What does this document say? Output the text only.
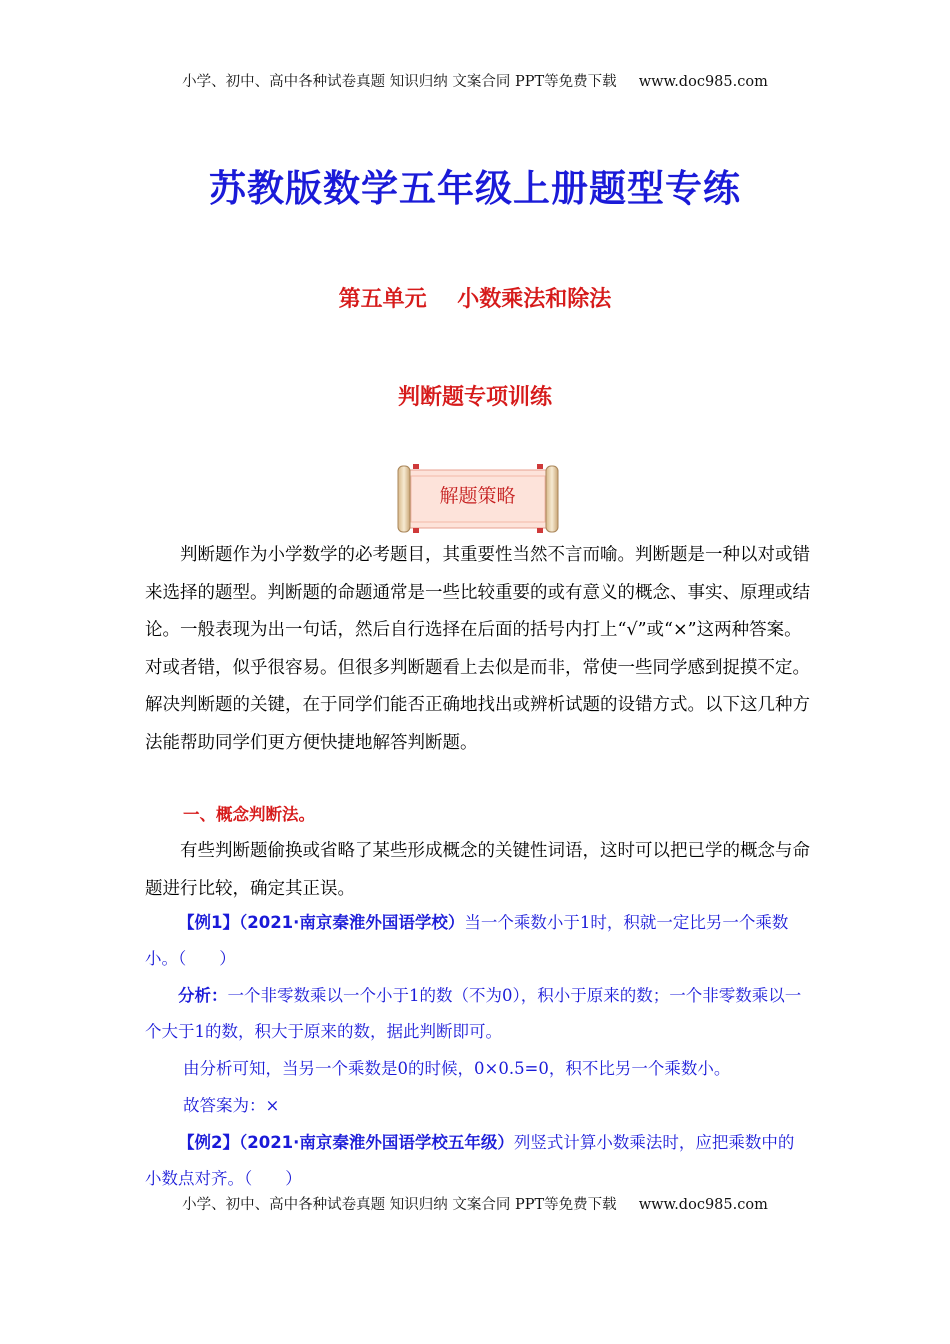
小学、初中、高中各种试卷真题 知识归纳 文案合同 PPT等免费下载 www.doc985.com
苏教版数学五年级上册题型专练
第五单元    小数乘法和除法
判断题专项训练
解题策略

判断题作为小学数学的必考题目，其重要性当然不言而喻。判断题是一种以对或错来选择的题型。判断题的命题通常是一些比较重要的或有意义的概念、事实、原理或结论。一般表现为出一句话，然后自行选择在后面的括号内打上“√”或“×”这两种答案。对或者错，似乎很容易。但很多判断题看上去似是而非，常使一些同学感到捉摸不定。解决判断题的关键，在于同学们能否正确地找出或辨析试题的设错方式。以下这几种方法能帮助同学们更方便快捷地解答判断题。

一、概念判断法。

有些判断题偷换或省略了某些形成概念的关键性词语，这时可以把已学的概念与命题进行比较，确定其正误。

【例1】（2021·南京秦淮外国语学校）当一个乘数小于1时，积就一定比另一个乘数小。（　　）

分析：一个非零数乘以一个小于1的数（不为0），积小于原来的数；一个非零数乘以一个大于1的数，积大于原来的数，据此判断即可。

由分析可知，当另一个乘数是0的时候，0×0.5=0，积不比另一个乘数小。

故答案为：×

【例2】（2021·南京秦淮外国语学校五年级）列竖式计算小数乘法时，应把乘数中的小数点对齐。（　　）

小学、初中、高中各种试卷真题 知识归纳 文案合同 PPT等免费下载 www.doc985.com
